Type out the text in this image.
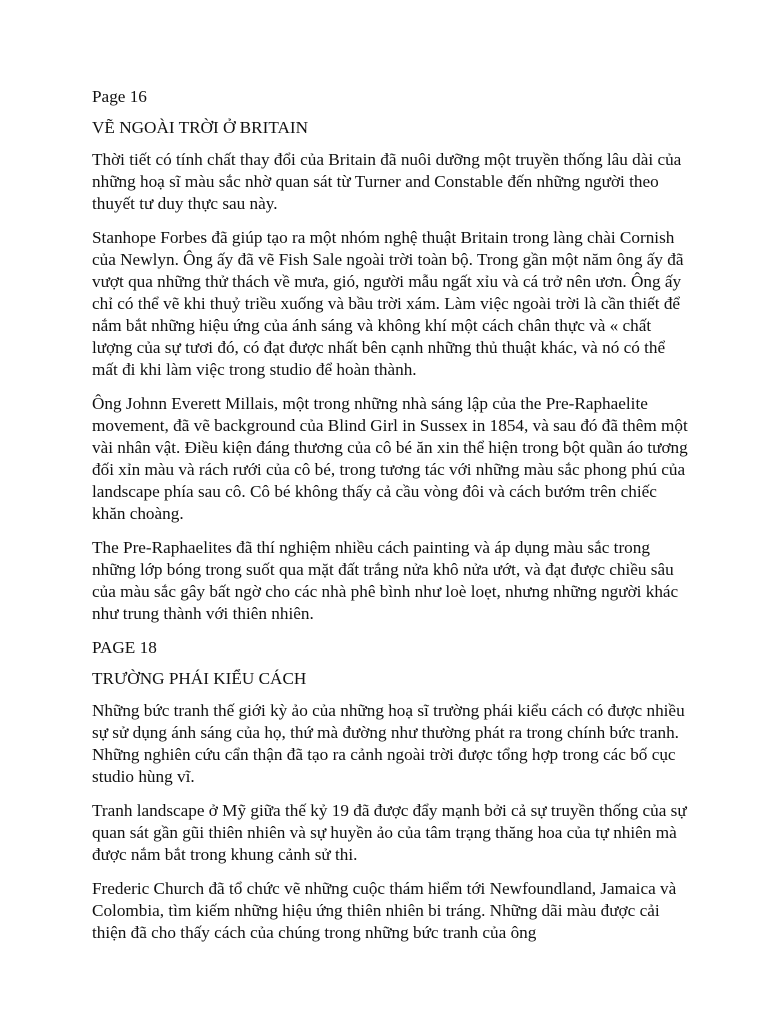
Page 16
VẼ NGOÀI TRỜI Ở BRITAIN

Thời tiết có tính chất thay đổi của Britain đã nuôi dưỡng một truyền thống lâu dài của những hoạ sĩ màu sắc nhờ quan sát từ Turner and Constable đến những người theo thuyết tư duy thực sau này.

Stanhope Forbes đã giúp tạo ra một nhóm nghệ thuật Britain trong làng chài Cornish của Newlyn. Ông ấy đã vẽ Fish Sale ngoài trời toàn bộ. Trong gần một năm ông ấy đã vượt qua những thử thách về mưa, gió, người mẫu ngất xỉu và cá trở nên ươn. Ông ấy chỉ có thể vẽ khi thuỷ triều xuống và bầu trời xám. Làm việc ngoài trời là cần thiết để nắm bắt những hiệu ứng của ánh sáng và không khí một cách chân thực và « chất lượng của sự tươi đó, có đạt được nhất bên cạnh những thủ thuật khác, và nó có thể mất đi khi làm việc trong studio để hoàn thành.

Ông Johnn Everett Millais, một trong những nhà sáng lập của the Pre-Raphaelite movement, đã vẽ background của Blind Girl in Sussex in 1854, và sau đó đã thêm một vài nhân vật. Điều kiện đáng thương của cô bé ăn xin thể hiện trong bột quần áo tương đối xỉn màu và rách rưới của cô bé, trong tương tác với những màu sắc phong phú của landscape phía sau cô. Cô bé không thấy cả cầu vòng đôi và cách bướm trên chiếc khăn choàng.

The Pre-Raphaelites đã thí nghiệm nhiều cách painting và áp dụng màu sắc trong những lớp bóng trong suốt qua mặt đất trắng nửa khô nửa ướt, và đạt được chiều sâu của màu sắc gây bất ngờ cho các nhà phê bình như loè loẹt, nhưng những người khác như trung thành với thiên nhiên.

PAGE 18
TRƯỜNG PHÁI KIỂU CÁCH

Những bức tranh thế giới kỳ ảo của những hoạ sĩ trường phái kiểu cách có được nhiều sự sử dụng ánh sáng của họ, thứ mà đường như thường phát ra trong chính bức tranh. Những nghiên cứu cẩn thận đã tạo ra cảnh ngoài trời được tổng hợp trong các bố cục studio hùng vĩ.

Tranh landscape ở Mỹ giữa thế kỷ 19 đã được đẩy mạnh bởi cả sự truyền thống của sự quan sát gần gũi thiên nhiên và sự huyền ảo của tâm trạng thăng hoa của tự nhiên mà được nắm bắt trong khung cảnh sử thi.

Frederic Church đã tổ chức vẽ những cuộc thám hiểm tới Newfoundland, Jamaica và Colombia, tìm kiếm những hiệu ứng thiên nhiên bi tráng. Những dãi màu được cải thiện đã cho thấy cách của chúng trong những bức tranh của ông
